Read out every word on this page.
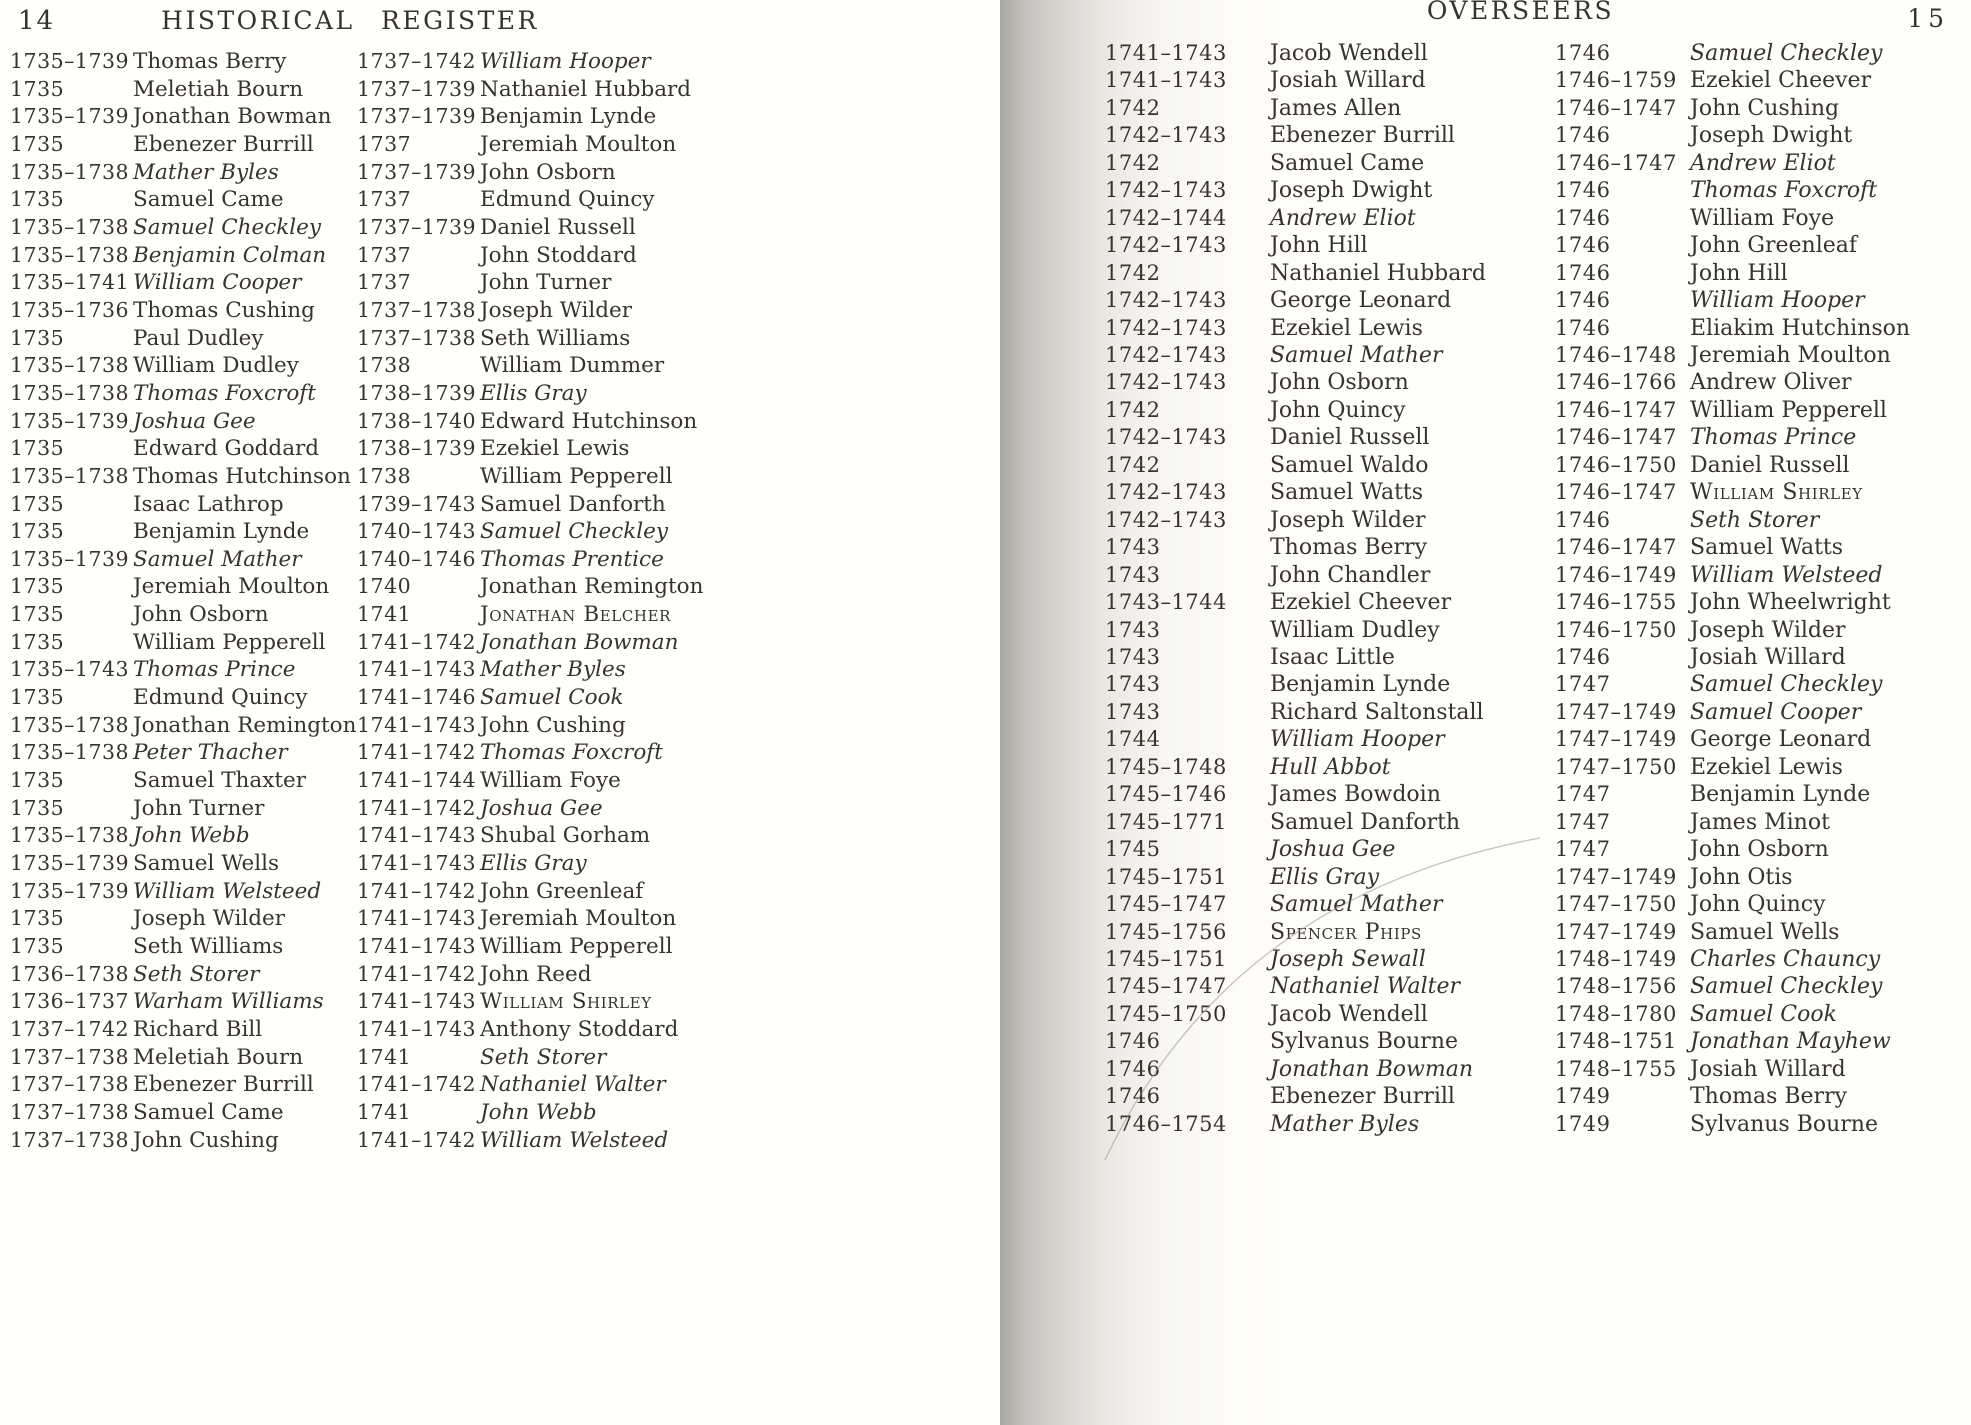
14	HISTORICAL REGISTER
1735–1739 Thomas Berry
1735	Meletiah Bourn
1735–1739 Jonathan Bowman
1735	Ebenezer Burrill
1735–1738 Mather Byles
1735	Samuel Came
1735–1738 Samuel Checkley
1735–1738 Benjamin Colman
1735–1741 William Cooper
1735–1736 Thomas Cushing
1735	Paul Dudley
1735–1738 William Dudley
1735–1738 Thomas Foxcroft
1735–1739 Joshua Gee
1735	Edward Goddard
1735–1738 Thomas Hutchinson
1735	Isaac Lathrop
1735	Benjamin Lynde
1735–1739 Samuel Mather
1735	Jeremiah Moulton
1735	John Osborn
1735	William Pepperell
1735–1743 Thomas Prince
1735	Edmund Quincy
1735–1738 Jonathan Remington
1735–1738 Peter Thacher
1735	Samuel Thaxter
1735	John Turner
1735–1738 John Webb
1735–1739 Samuel Wells
1735–1739 William Welsteed
1735	Joseph Wilder
1735	Seth Williams
1736–1738 Seth Storer
1736–1737 Warham Williams
1737–1742 Richard Bill
1737–1738 Meletiah Bourn
1737–1738 Ebenezer Burrill
1737–1738 Samuel Came
1737–1738 John Cushing
1737–1742 William Hooper
1737–1739 Nathaniel Hubbard
1737–1739 Benjamin Lynde
1737	Jeremiah Moulton
1737–1739 John Osborn
1737	Edmund Quincy
1737–1739 Daniel Russell
1737	John Stoddard
1737	John Turner
1737–1738 Joseph Wilder
1737–1738 Seth Williams
1738	William Dummer
1738–1739 Ellis Gray
1738–1740 Edward Hutchinson
1738–1739 Ezekiel Lewis
1738	William Pepperell
1739–1743 Samuel Danforth
1740–1743 Samuel Checkley
1740–1746 Thomas Prentice
1740	Jonathan Remington
1741	Jonathan Belcher
1741–1742 Jonathan Bowman
1741–1743 Mather Byles
1741–1746 Samuel Cook
1741–1743 John Cushing
1741–1742 Thomas Foxcroft
1741–1744 William Foye
1741–1742 Joshua Gee
1741–1743 Shubal Gorham
1741–1743 Ellis Gray
1741–1742 John Greenleaf
1741–1743 Jeremiah Moulton
1741–1743 William Pepperell
1741–1742 John Reed
1741–1743 William Shirley
1741–1743 Anthony Stoddard
1741	Seth Storer
1741–1742 Nathaniel Walter
1741	John Webb
1741–1742 William Welsteed
OVERSEERS	15
1741–1743	Jacob Wendell
1741–1743	Josiah Willard
1742	James Allen
1742–1743	Ebenezer Burrill
1742	Samuel Came
1742–1743	Joseph Dwight
1742–1744	Andrew Eliot
1742–1743	John Hill
1742	Nathaniel Hubbard
1742–1743	George Leonard
1742–1743	Ezekiel Lewis
1742–1743	Samuel Mather
1742–1743	John Osborn
1742	John Quincy
1742–1743	Daniel Russell
1742	Samuel Waldo
1742–1743	Samuel Watts
1742–1743	Joseph Wilder
1743	Thomas Berry
1743	John Chandler
1743–1744	Ezekiel Cheever
1743	William Dudley
1743	Isaac Little
1743	Benjamin Lynde
1743	Richard Saltonstall
1744	William Hooper
1745–1748	Hull Abbot
1745–1746	James Bowdoin
1745–1771	Samuel Danforth
1745	Joshua Gee
1745–1751	Ellis Gray
1745–1747	Samuel Mather
1745–1756	Spencer Phips
1745–1751	Joseph Sewall
1745–1747	Nathaniel Walter
1745–1750	Jacob Wendell
1746	Sylvanus Bourne
1746	Jonathan Bowman
1746	Ebenezer Burrill
1746–1754	Mather Byles
1746	Samuel Checkley
1746–1759 Ezekiel Cheever
1746–1747 John Cushing
1746	Joseph Dwight
1746–1747 Andrew Eliot
1746	Thomas Foxcroft
1746	William Foye
1746	John Greenleaf
1746	John Hill
1746	William Hooper
1746	Eliakim Hutchinson
1746–1748 Jeremiah Moulton
1746–1766 Andrew Oliver
1746–1747 William Pepperell
1746–1747 Thomas Prince
1746–1750 Daniel Russell
1746–1747 William Shirley
1746	Seth Storer
1746–1747 Samuel Watts
1746–1749 William Welsteed
1746–1755 John Wheelwright
1746–1750 Joseph Wilder
1746	Josiah Willard
1747	Samuel Checkley
1747–1749 Samuel Cooper
1747–1749 George Leonard
1747–1750 Ezekiel Lewis
1747	Benjamin Lynde
1747	James Minot
1747	John Osborn
1747–1749 John Otis
1747–1750 John Quincy
1747–1749 Samuel Wells
1748–1749 Charles Chauncy
1748–1756 Samuel Checkley
1748–1780 Samuel Cook
1748–1751 Jonathan Mayhew
1748–1755 Josiah Willard
1749	Thomas Berry
1749	Sylvanus Bourne
